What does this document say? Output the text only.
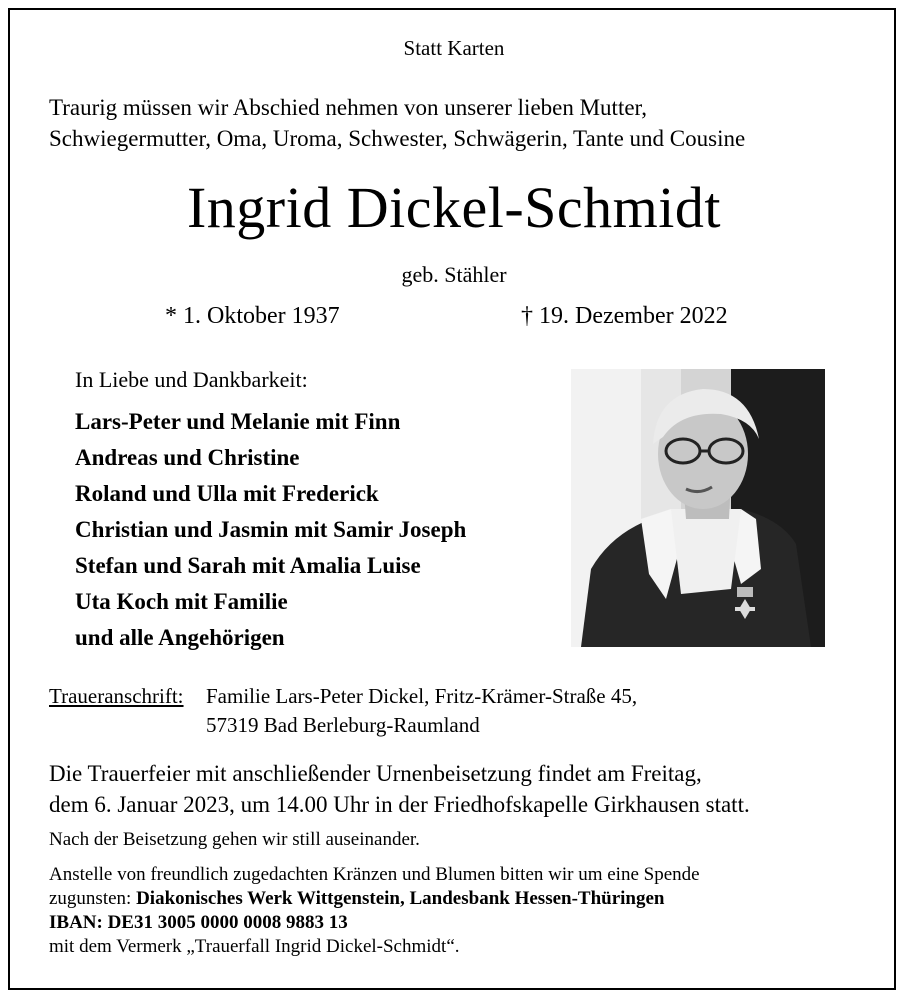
Statt Karten
Traurig müssen wir Abschied nehmen von unserer lieben Mutter,
Schwiegermutter, Oma, Uroma, Schwester, Schwägerin, Tante und Cousine
Ingrid Dickel-Schmidt
geb. Stähler
* 1. Oktober 1937	† 19. Dezember 2022
In Liebe und Dankbarkeit:
Lars-Peter und Melanie mit Finn
Andreas und Christine
Roland und Ulla mit Frederick
Christian und Jasmin mit Samir Joseph
Stefan und Sarah mit Amalia Luise
Uta Koch mit Familie
und alle Angehörigen
Traueranschrift: Familie Lars-Peter Dickel, Fritz-Krämer-Straße 45,
57319 Bad Berleburg-Raumland
Die Trauerfeier mit anschließender Urnenbeisetzung findet am Freitag,
dem 6. Januar 2023, um 14.00 Uhr in der Friedhofskapelle Girkhausen statt.
Nach der Beisetzung gehen wir still auseinander.
Anstelle von freundlich zugedachten Kränzen und Blumen bitten wir um eine Spende
zugunsten: Diakonisches Werk Wittgenstein, Landesbank Hessen-Thüringen
IBAN: DE31 3005 0000 0008 9883 13
mit dem Vermerk „Trauerfall Ingrid Dickel-Schmidt“.
